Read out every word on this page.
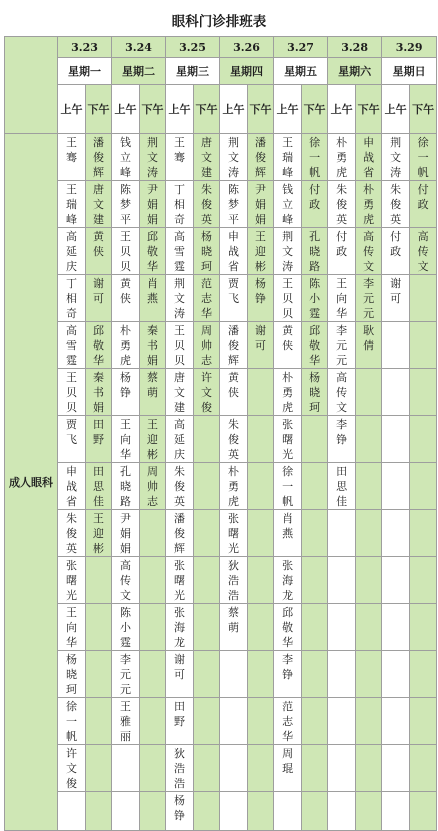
眼科门诊排班表
	3.23		3.24		3.25		3.26		3.27		3.28		3.29	
	星期一		星期二		星期三		星期四		星期五		星期六		星期日	
	上午	下午	上午	下午	上午	下午	上午	下午	上午	下午	上午	下午	上午	下午
成人眼科	王骞	潘俊辉	钱立峰	荆文涛	王骞	唐文建	荆文涛	潘俊辉	王瑞峰	徐一帆	朴勇虎	申战省	荆文涛	徐一帆

	王瑞峰	唐文建	陈梦平	尹娟娟	丁相奇	朱俊英	陈梦平	尹娟娟	钱立峰	付政	朱俊英	朴勇虎	朱俊英	付政

	高延庆	黄侠	王贝贝	邱敬华	高雪霆	杨晓珂	申战省	王迎彬	荆文涛	孔晓路	付政	高传文	付政	高传文

	丁相奇	谢可	黄侠	肖燕	荆文涛	范志华	贾飞	杨铮	王贝贝	陈小霆	王向华	李元元	谢可	

	高雪霆	邱敬华	朴勇虎	秦书娟	王贝贝	周帅志	潘俊辉	谢可	黄侠	邱敬华	李元元	耿倩		

	王贝贝	秦书娟	杨铮	蔡萌	唐文建	许文俊	黄侠		朴勇虎	杨晓珂	高传文			

	贾飞	田野	王向华	王迎彬	高延庆		朱俊英		张曙光		李铮			

	申战省	田思佳	孔晓路	周帅志	朱俊英		朴勇虎		徐一帆		田思佳			

	朱俊英	王迎彬	尹娟娟		潘俊辉		张曙光		肖燕					

	张曙光		高传文		张曙光		狄浩浩		张海龙					

	王向华		陈小霆		张海龙		蔡萌		邱敬华					

	杨晓珂		李元元		谢可				李铮					

	徐一帆		王雅丽		田野				范志华					

	许文俊				狄浩浩				周琨					

					杨铮									
